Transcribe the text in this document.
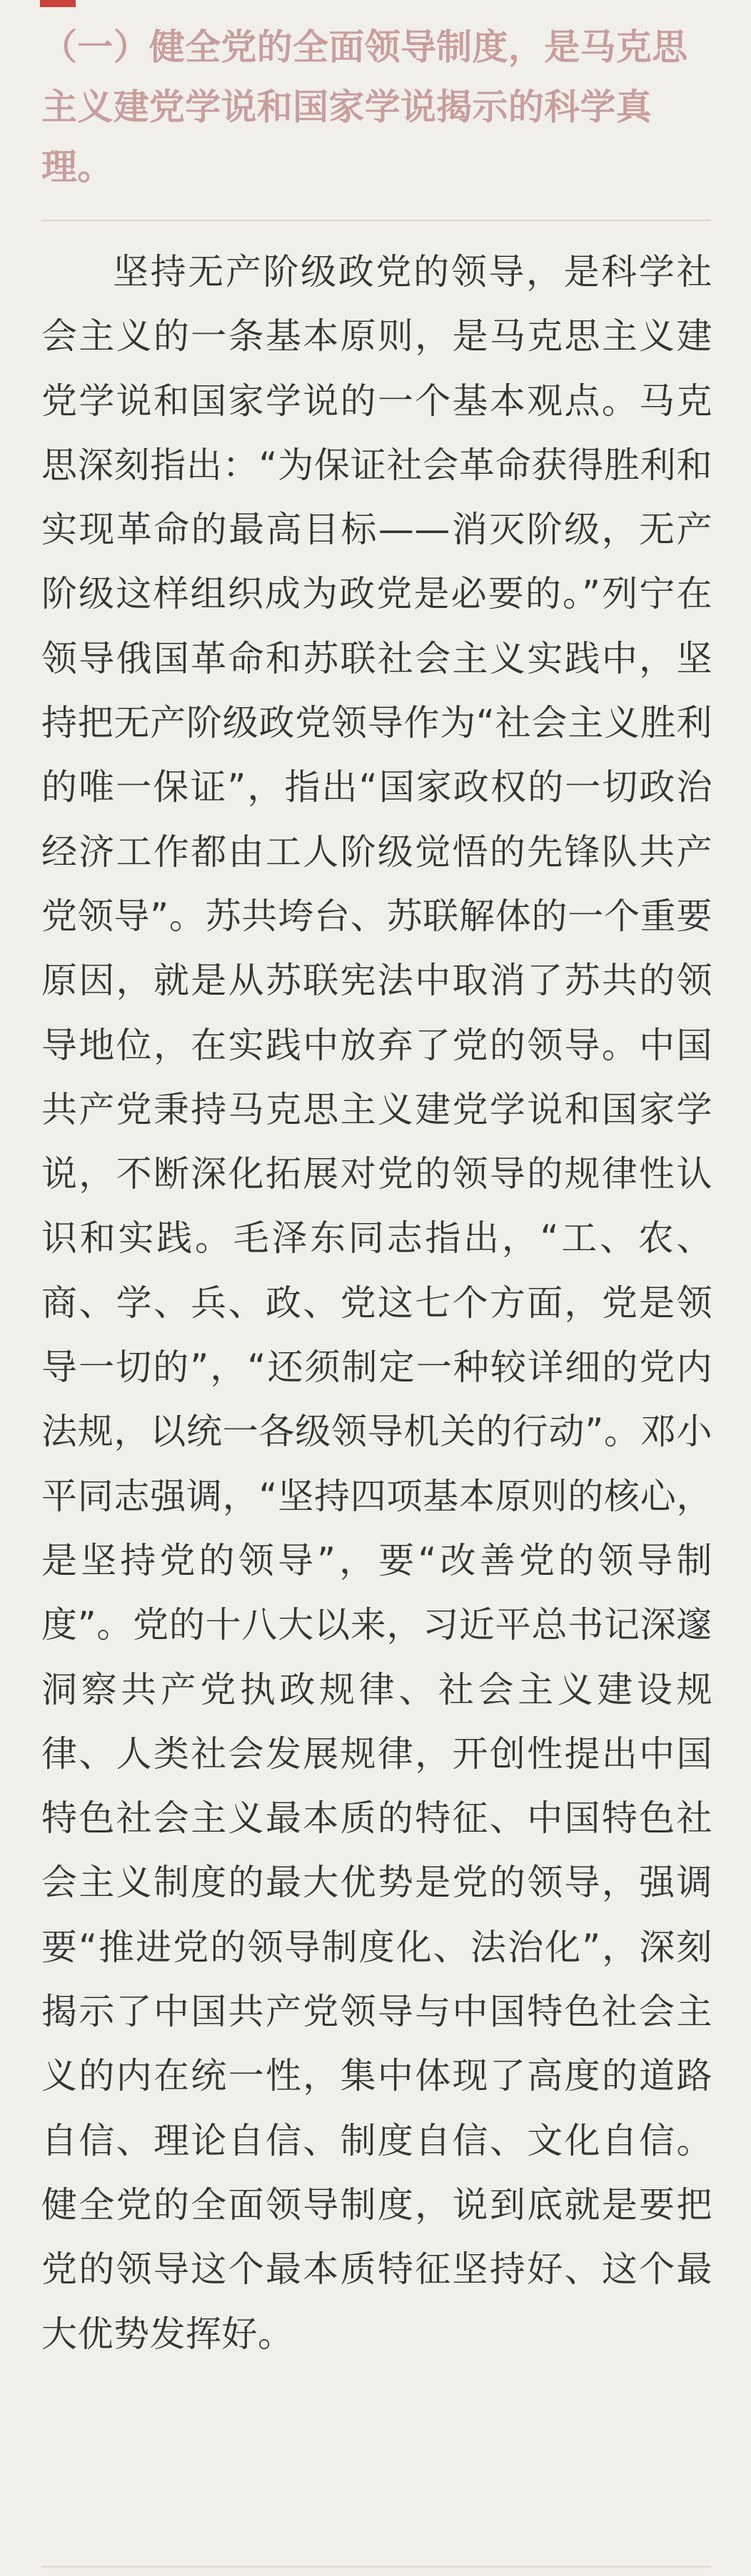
（一）健全党的全面领导制度，是马克思主义建党学说和国家学说揭示的科学真理。

坚持无产阶级政党的领导，是科学社会主义的一条基本原则，是马克思主义建党学说和国家学说的一个基本观点。马克思深刻指出：“为保证社会革命获得胜利和实现革命的最高目标——消灭阶级，无产阶级这样组织成为政党是必要的。”列宁在领导俄国革命和苏联社会主义实践中，坚持把无产阶级政党领导作为“社会主义胜利的唯一保证”，指出“国家政权的一切政治经济工作都由工人阶级觉悟的先锋队共产党领导”。苏共垮台、苏联解体的一个重要原因，就是从苏联宪法中取消了苏共的领导地位，在实践中放弃了党的领导。中国共产党秉持马克思主义建党学说和国家学说，不断深化拓展对党的领导的规律性认识和实践。毛泽东同志指出，“工、农、商、学、兵、政、党这七个方面，党是领导一切的”，“还须制定一种较详细的党内法规，以统一各级领导机关的行动”。邓小平同志强调，“坚持四项基本原则的核心，是坚持党的领导”，要“改善党的领导制度”。党的十八大以来，习近平总书记深邃洞察共产党执政规律、社会主义建设规律、人类社会发展规律，开创性提出中国特色社会主义最本质的特征、中国特色社会主义制度的最大优势是党的领导，强调要“推进党的领导制度化、法治化”，深刻揭示了中国共产党领导与中国特色社会主义的内在统一性，集中体现了高度的道路自信、理论自信、制度自信、文化自信。健全党的全面领导制度，说到底就是要把党的领导这个最本质特征坚持好、这个最大优势发挥好。
